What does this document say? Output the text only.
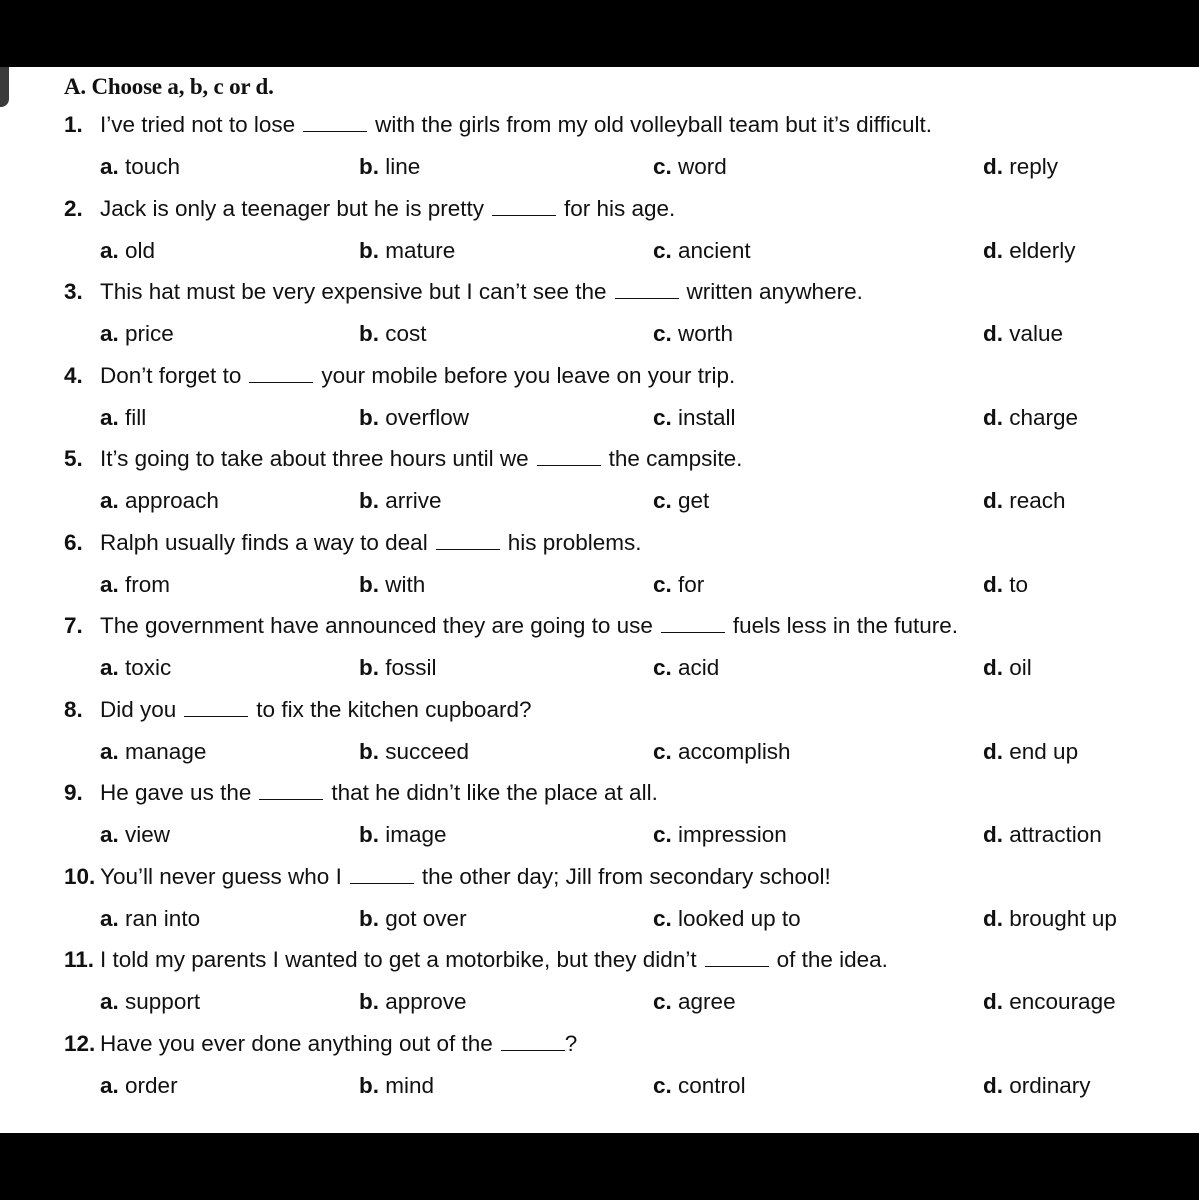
A. Choose a, b, c or d.
1. I’ve tried not to lose	with the girls from my old volleyball team but it’s difficult.
a. touch	b. line	c. word	d. reply
2. Jack is only a teenager but he is pretty	for his age.
a. old	b. mature	c. ancient	d. elderly
3. This hat must be very expensive but I can’t see the	written anywhere.
a. price	b. cost	c. worth	d. value
4. Don’t forget to	your mobile before you leave on your trip.
a. fill	b. overflow	c. install	d. charge
5. It’s going to take about three hours until we	the campsite.
a. approach	b. arrive	c. get	d. reach
6. Ralph usually finds a way to deal	his problems.
a. from	b. with	c. for	d. to
7. The government have announced they are going to use	fuels less in the future.
a. toxic	b. fossil	c. acid	d. oil
8. Did you	to fix the kitchen cupboard?
a. manage	b. succeed	c. accomplish	d. end up
9. He gave us the	that he didn’t like the place at all.
a. view	b. image	c. impression	d. attraction
10. You’ll never guess who I	the other day; Jill from secondary school!
a. ran into	b. got over	c. looked up to	d. brought up
11. I told my parents I wanted to get a motorbike, but they didn’t	of the idea.
a. support	b. approve	c. agree	d. encourage
12. Have you ever done anything out of the	?
a. order	b. mind	c. control	d. ordinary
